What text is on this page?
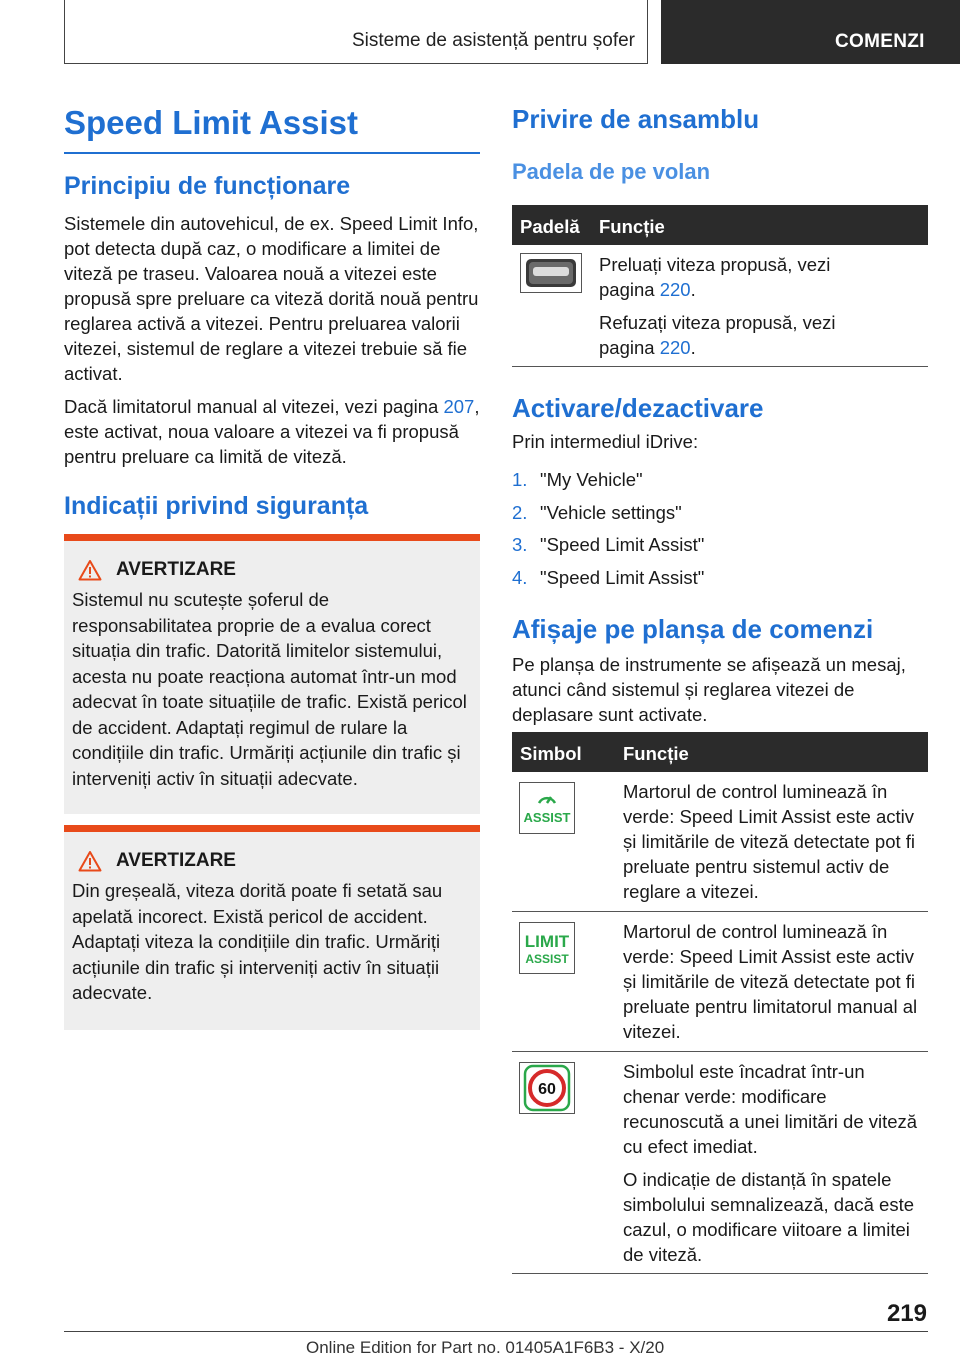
Sisteme de asistență pentru șofer	COMENZI
Speed Limit Assist
Principiu de funcționare

Sistemele din autovehicul, de ex. Speed Limit Info, pot detecta după caz, o modificare a limitei de viteză pe traseu. Valoarea nouă a vitezei este propusă spre preluare ca viteză dorită nouă pentru reglarea activă a vitezei. Pentru preluarea valorii vitezei, sistemul de reglare a vitezei trebuie să fie activat.

Dacă limitatorul manual al vitezei, vezi pagina 207, este activat, noua valoare a vitezei va fi propusă pentru preluare ca limită de viteză.

Indicații privind siguranța
AVERTIZARE

Sistemul nu scutește șoferul de responsabilitatea proprie de a evalua corect situația din trafic. Datorită limitelor sistemului, acesta nu poate reacționa automat într-un mod adecvat în toate situațiile de trafic. Există pericol de accident. Adaptați regimul de rulare la condițiile din trafic. Urmăriți acțiunile din trafic și interveniți activ în situații adecvate.

AVERTIZARE

Din greșeală, viteza dorită poate fi setată sau apelată incorect. Există pericol de accident. Adaptați viteza la condițiile din trafic. Urmăriți acțiunile din trafic și interveniți activ în situații adecvate.

Privire de ansamblu
Padela de pe volan
Padelă Funcție

Preluați viteza propusă, vezi pagina 220.

Refuzați viteza propusă, vezi pagina 220.

Activare/dezactivare

Prin intermediul iDrive:

1. "My Vehicle"
2. "Vehicle settings"
3. "Speed Limit Assist"
4. "Speed Limit Assist"
Afișaje pe planșa de comenzi

Pe planșa de instrumente se afișează un mesaj, atunci când sistemul și reglarea vitezei de deplasare sunt activate.

Simbol Funcție
ASSIST

Martorul de control luminează în verde: Speed Limit Assist este activ și limitările de viteză detectate pot fi preluate pentru sistemul activ de reglare a vitezei.

LIMIT
ASSIST

Martorul de control luminează în verde: Speed Limit Assist este activ și limitările de viteză detectate pot fi preluate pentru limitatorul manual al vitezei.

60

Simbolul este încadrat într-un chenar verde: modificare recunoscută a unei limitări de viteză cu efect imediat.

O indicație de distanță în spatele simbolului semnalizează, dacă este cazul, o modificare viitoare a limitei de viteză.

219
Online Edition for Part no. 01405A1F6B3 - X/20
